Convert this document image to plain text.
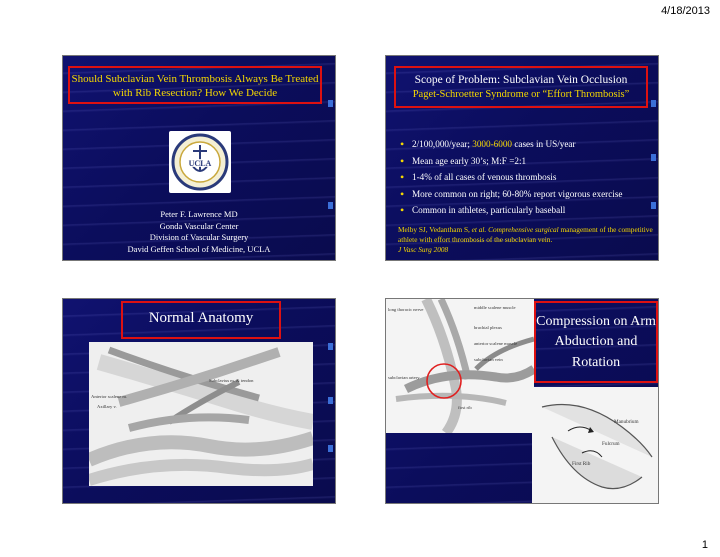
4/18/2013
Should Subclavian Vein Thrombosis Always Be Treated with Rib Resection? How We Decide
UCLA
Peter F. Lawrence MD
Gonda Vascular Center
Division of Vascular Surgery
David Geffen School of Medicine, UCLA
Scope of Problem: Subclavian Vein Occlusion
Paget-Schroetter Syndrome or “Effort Thrombosis”
• 2/100,000/year; 3000-6000 cases in US/year
• Mean age early 30’s; M:F =2:1
• 1-4% of all cases of venous thrombosis
• More common on right; 60-80% report vigorous exercise
• Common in athletes, particularly baseball
Melby SJ, Vedantham S, et al. Comprehensive surgical management of the competitive athlete with effort thrombosis of the subclavian vein.
J Vasc Surg 2008
Normal Anatomy
Subclavius m. & tendon
Anterior scalene m.
Axillary v.
long thoracic nerve	middle scalene muscle
brachial plexus
anterior scalene muscle
subclavian vein
subclavian artery
first rib
Compression on Arm Abduction and Rotation
Manubrium
Fulcrum
First Rib
1
